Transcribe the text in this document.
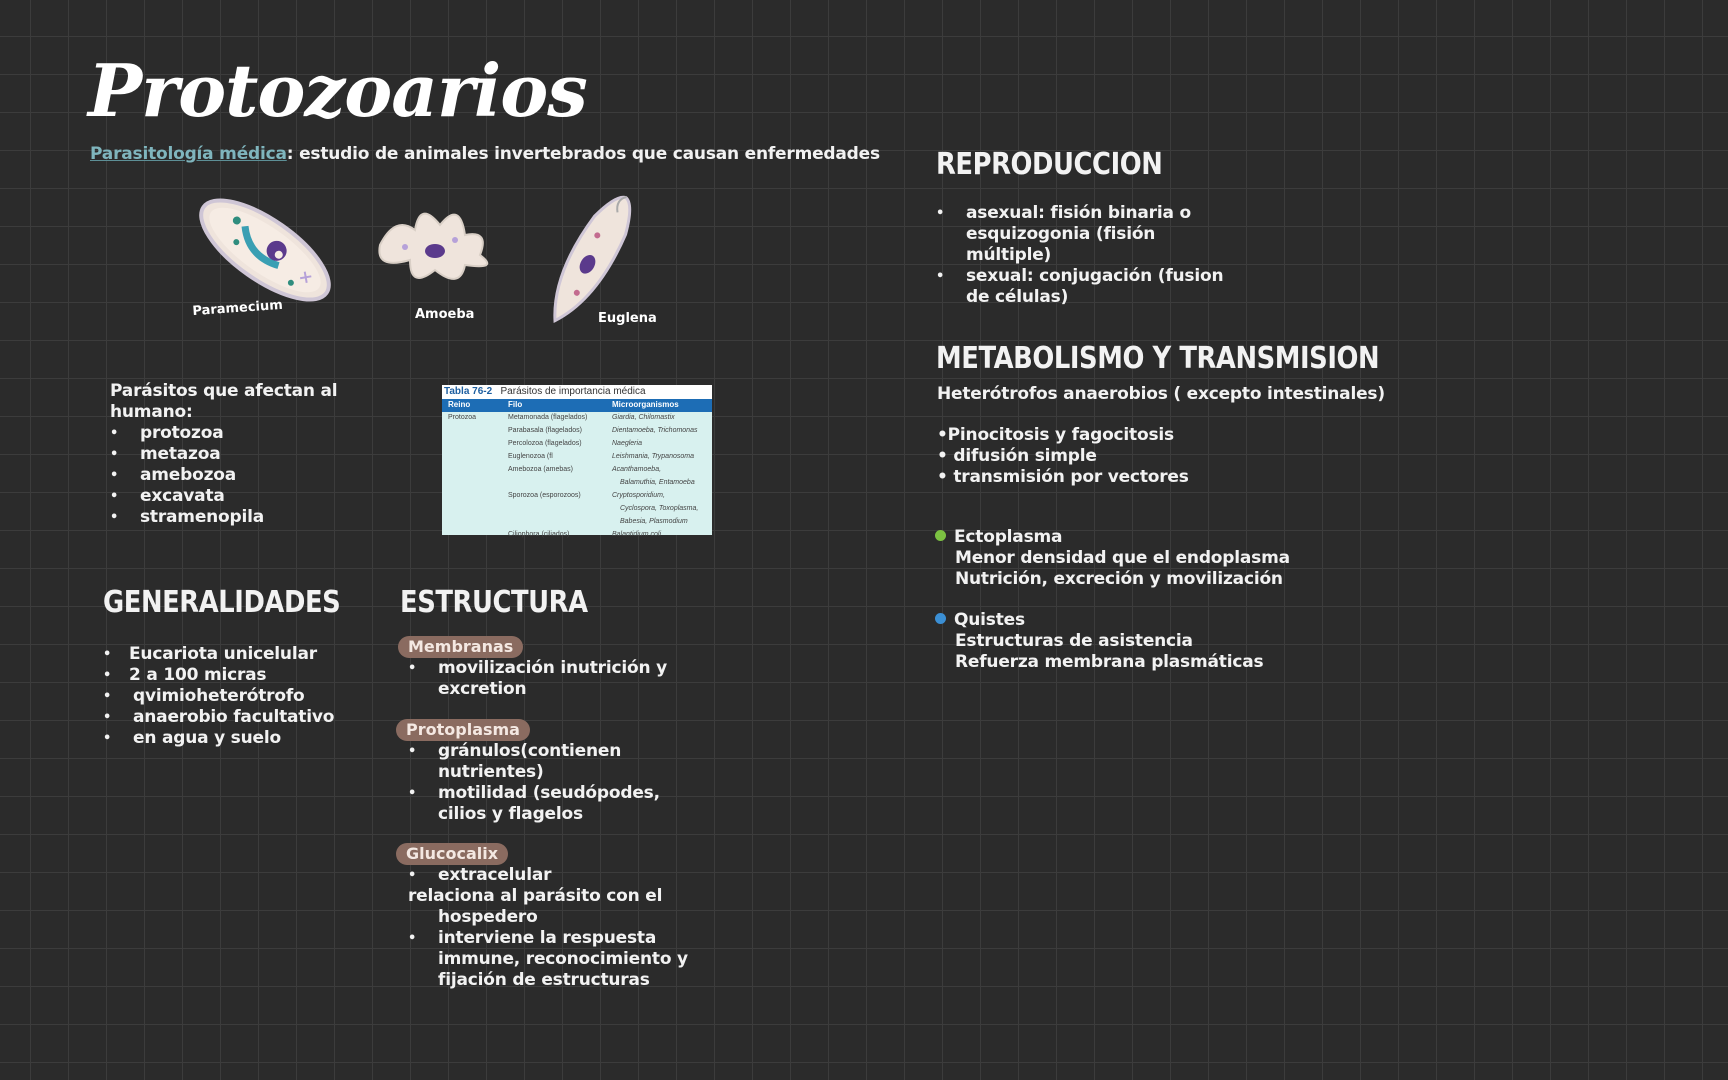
Protozoarios
Parasitología médica: estudio de animales invertebrados que causan enfermedades
Paramecium	Amoeba	Euglena
Parásitos que afectan al humano:
• protozoa
• metazoa
• amebozoa
• excavata
• stramenopila
Tabla 76-2 Parásitos de importancia médica
Reino	Filo	Microorganismos
Protozoa	Metamonada (flagelados)	Giardia, Chilomastix
Parabasala (flagelados)	Dientamoeba, Trichomonas
Percolozoa (flagelados)	Naegleria
Euglenozoa (fl	Leishmania, Trypanosoma
Amebozoa (amebas)	Acanthamoeba,
Balamuthia, Entamoeba
Sporozoa (esporozoos)	Cryptosporidium,
Cyclospora, Toxoplasma,
Babesia, Plasmodium
Ciliophora (ciliados)	Balantidium coli
GENERALIDADES
• Eucariota unicelular
• 2 a 100 micras
• qvimioheterótrofo
• anaerobio facultativo
• en agua y suelo
ESTRUCTURA
Membranas
• movilización inutrición y excretion
Protoplasma
• gránulos(contienen nutrientes)
• motilidad (seudópodes, cilios y flagelos
Glucocalix
• extracelular
relaciona al parásito con el
hospedero
• interviene la respuesta immune, reconocimiento y fijación de estructuras
REPRODUCCION
• asexual: fisión binaria o esquizogonia (fisión múltiple)
• sexual: conjugación (fusion de células)
METABOLISMO Y TRANSMISION
Heterótrofos anaerobios ( excepto intestinales)
•Pinocitosis y fagocitosis
• difusión simple
• transmisión por vectores
Ectoplasma
Menor densidad que el endoplasma
Nutrición, excreción y movilización
Quistes
Estructuras de asistencia
Refuerza membrana plasmáticas
